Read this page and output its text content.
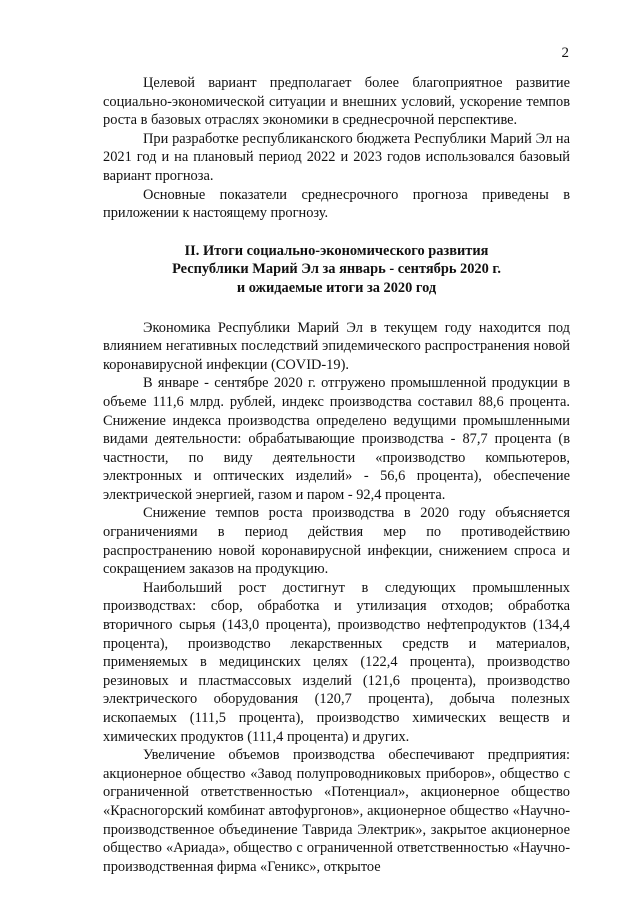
2

Целевой вариант предполагает более благоприятное развитие социально-экономической ситуации и внешних условий, ускорение темпов роста в базовых отраслях экономики в среднесрочной перспективе.

При разработке республиканского бюджета Республики Марий Эл на 2021 год и на плановый период 2022 и 2023 годов использовался базовый вариант прогноза.

Основные показатели среднесрочного прогноза приведены в приложении к настоящему прогнозу.

II. Итоги социально-экономического развития
Республики Марий Эл за январь - сентябрь 2020 г.
и ожидаемые итоги за 2020 год

Экономика Республики Марий Эл в текущем году находится под влиянием негативных последствий эпидемического распространения новой коронавирусной инфекции (COVID-19).

В январе - сентябре 2020 г. отгружено промышленной продукции в объеме 111,6 млрд. рублей, индекс производства составил 88,6 процента. Снижение индекса производства определено ведущими промышленными видами деятельности: обрабатывающие производства - 87,7 процента (в частности, по виду деятельности «производство компьютеров, электронных и оптических изделий» - 56,6 процента), обеспечение электрической энергией, газом и паром - 92,4 процента.

Снижение темпов роста производства в 2020 году объясняется ограничениями в период действия мер по противодействию распространению новой коронавирусной инфекции, снижением спроса и сокращением заказов на продукцию.

Наибольший рост достигнут в следующих промышленных производствах: сбор, обработка и утилизация отходов; обработка вторичного сырья (143,0 процента), производство нефтепродуктов (134,4 процента), производство лекарственных средств и материалов, применяемых в медицинских целях (122,4 процента), производство резиновых и пластмассовых изделий (121,6 процента), производство электрического оборудования (120,7 процента), добыча полезных ископаемых (111,5 процента), производство химических веществ и химических продуктов (111,4 процента) и других.

Увеличение объемов производства обеспечивают предприятия: акционерное общество «Завод полупроводниковых приборов», общество с ограниченной ответственностью «Потенциал», акционерное общество «Красногорский комбинат автофургонов», акционерное общество «Научно-производственное объединение Таврида Электрик», закрытое акционерное общество «Ариада», общество с ограниченной ответственностью «Научно-производственная фирма «Геникс», открытое
